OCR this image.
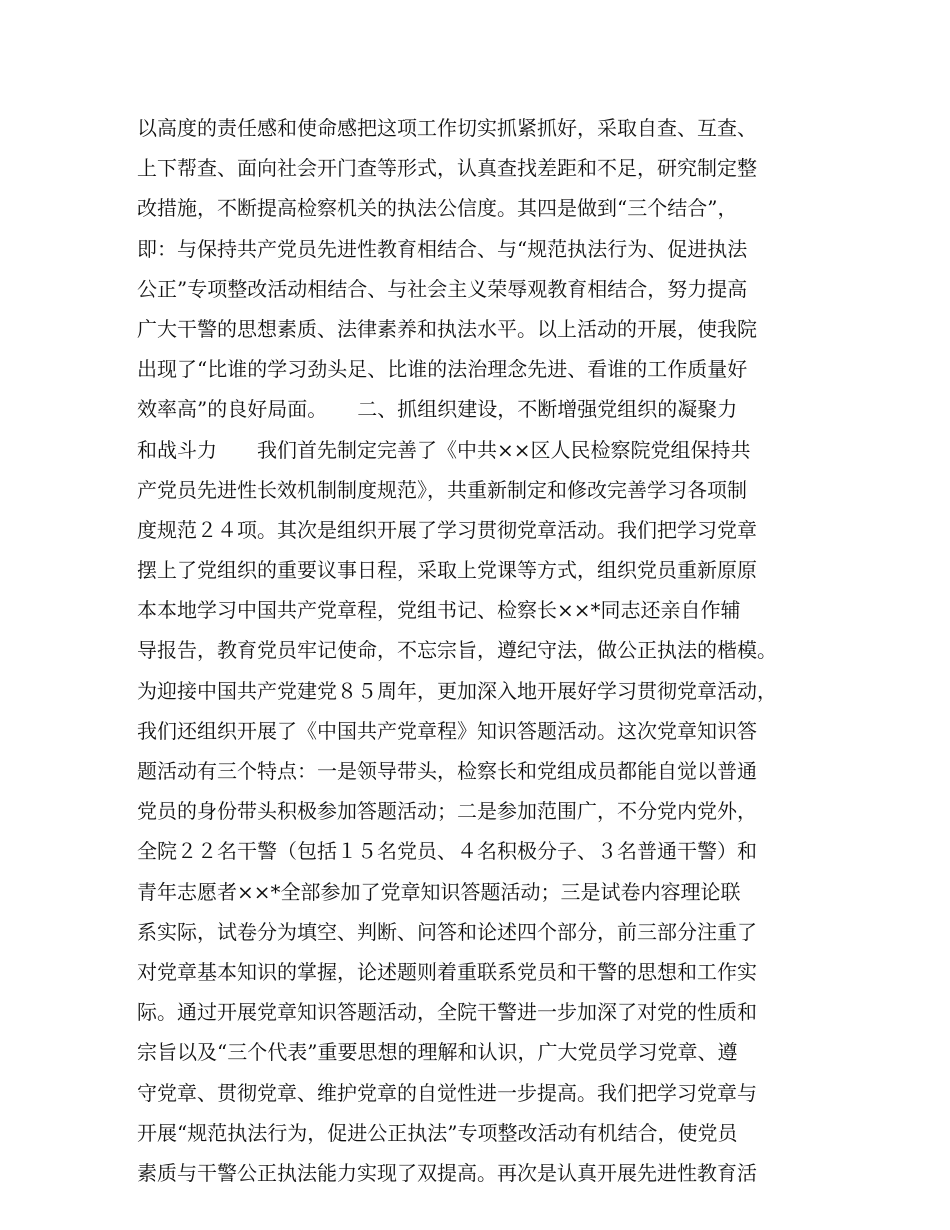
以高度的责任感和使命感把这项工作切实抓紧抓好，采取自查、互查、
上下帮查、面向社会开门查等形式，认真查找差距和不足，研究制定整
改措施，不断提高检察机关的执法公信度。其四是做到“三个结合”，
即：与保持共产党员先进性教育相结合、与“规范执法行为、促进执法
公正”专项整改活动相结合、与社会主义荣辱观教育相结合，努力提高
广大干警的思想素质、法律素养和执法水平。以上活动的开展，使我院
出现了“比谁的学习劲头足、比谁的法治理念先进、看谁的工作质量好
效率高”的良好局面。　　二、抓组织建设，不断增强党组织的凝聚力
和战斗力　　我们首先制定完善了《中共××区人民检察院党组保持共
产党员先进性长效机制制度规范》，共重新制定和修改完善学习各项制
度规范２４项。其次是组织开展了学习贯彻党章活动。我们把学习党章
摆上了党组织的重要议事日程，采取上党课等方式，组织党员重新原原
本本地学习中国共产党章程，党组书记、检察长××*同志还亲自作辅
导报告，教育党员牢记使命，不忘宗旨，遵纪守法，做公正执法的楷模。
为迎接中国共产党建党８５周年，更加深入地开展好学习贯彻党章活动，
我们还组织开展了《中国共产党章程》知识答题活动。这次党章知识答
题活动有三个特点：一是领导带头，检察长和党组成员都能自觉以普通
党员的身份带头积极参加答题活动；二是参加范围广，不分党内党外，
全院２２名干警（包括１５名党员、４名积极分子、３名普通干警）和
青年志愿者××*全部参加了党章知识答题活动；三是试卷内容理论联
系实际，试卷分为填空、判断、问答和论述四个部分，前三部分注重了
对党章基本知识的掌握，论述题则着重联系党员和干警的思想和工作实
际。通过开展党章知识答题活动，全院干警进一步加深了对党的性质和
宗旨以及“三个代表”重要思想的理解和认识，广大党员学习党章、遵
守党章、贯彻党章、维护党章的自觉性进一步提高。我们把学习党章与
开展“规范执法行为，促进公正执法”专项整改活动有机结合，使党员
素质与干警公正执法能力实现了双提高。再次是认真开展先进性教育活
